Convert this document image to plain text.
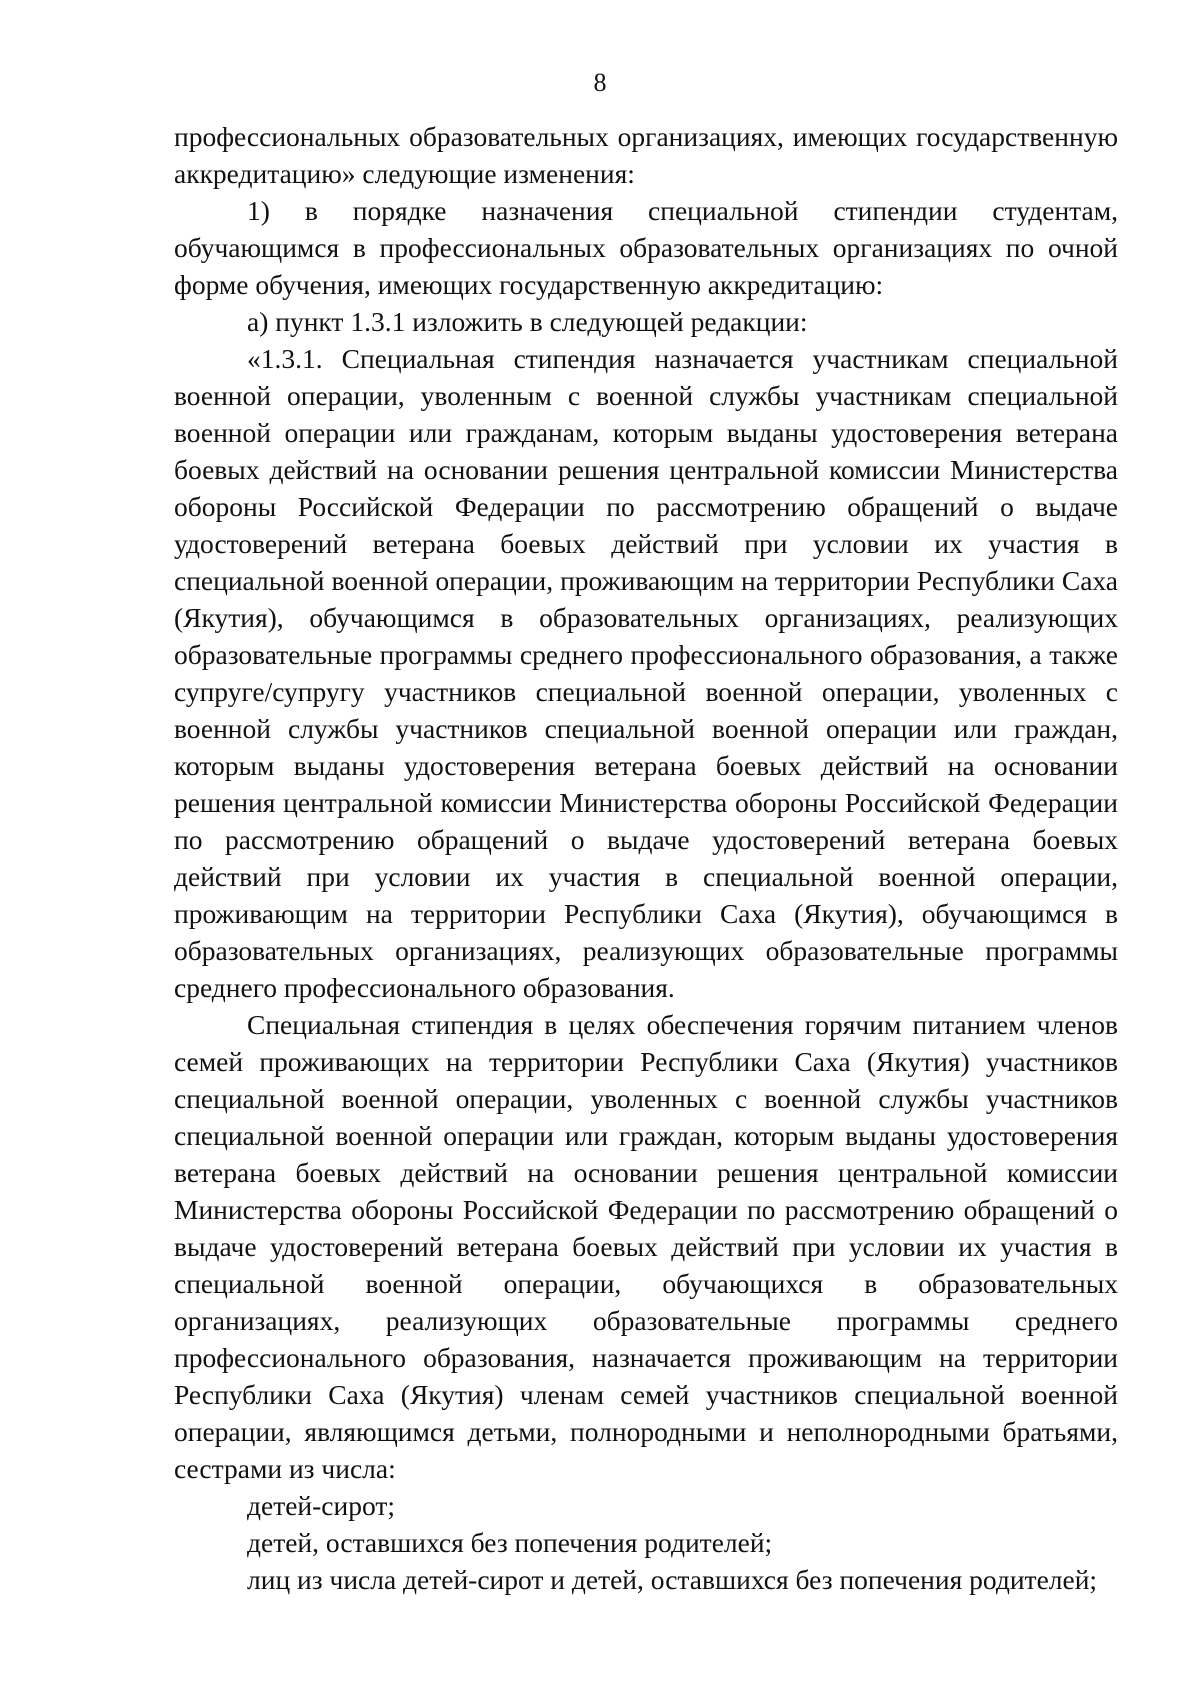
8

профессиональных образовательных организациях, имеющих государственную аккредитацию» следующие изменения:

1) в порядке назначения специальной стипендии студентам, обучающимся в профессиональных образовательных организациях по очной форме обучения, имеющих государственную аккредитацию:

а) пункт 1.3.1 изложить в следующей редакции:

«1.3.1. Специальная стипендия назначается участникам специальной военной операции, уволенным с военной службы участникам специальной военной операции или гражданам, которым выданы удостоверения ветерана боевых действий на основании решения центральной комиссии Министерства обороны Российской Федерации по рассмотрению обращений о выдаче удостоверений ветерана боевых действий при условии их участия в специальной военной операции, проживающим на территории Республики Саха (Якутия), обучающимся в образовательных организациях, реализующих образовательные программы среднего профессионального образования, а также супруге/супругу участников специальной военной операции, уволенных с военной службы участников специальной военной операции или граждан, которым выданы удостоверения ветерана боевых действий на основании решения центральной комиссии Министерства обороны Российской Федерации по рассмотрению обращений о выдаче удостоверений ветерана боевых действий при условии их участия в специальной военной операции, проживающим на территории Республики Саха (Якутия), обучающимся в образовательных организациях, реализующих образовательные программы среднего профессионального образования.

Специальная стипендия в целях обеспечения горячим питанием членов семей проживающих на территории Республики Саха (Якутия) участников специальной военной операции, уволенных с военной службы участников специальной военной операции или граждан, которым выданы удостоверения ветерана боевых действий на основании решения центральной комиссии Министерства обороны Российской Федерации по рассмотрению обращений о выдаче удостоверений ветерана боевых действий при условии их участия в специальной военной операции, обучающихся в образовательных организациях, реализующих образовательные программы среднего профессионального образования, назначается проживающим на территории Республики Саха (Якутия) членам семей участников специальной военной операции, являющимся детьми, полнородными и неполнородными братьями, сестрами из числа:

детей-сирот;

детей, оставшихся без попечения родителей;

лиц из числа детей-сирот и детей, оставшихся без попечения родителей;
